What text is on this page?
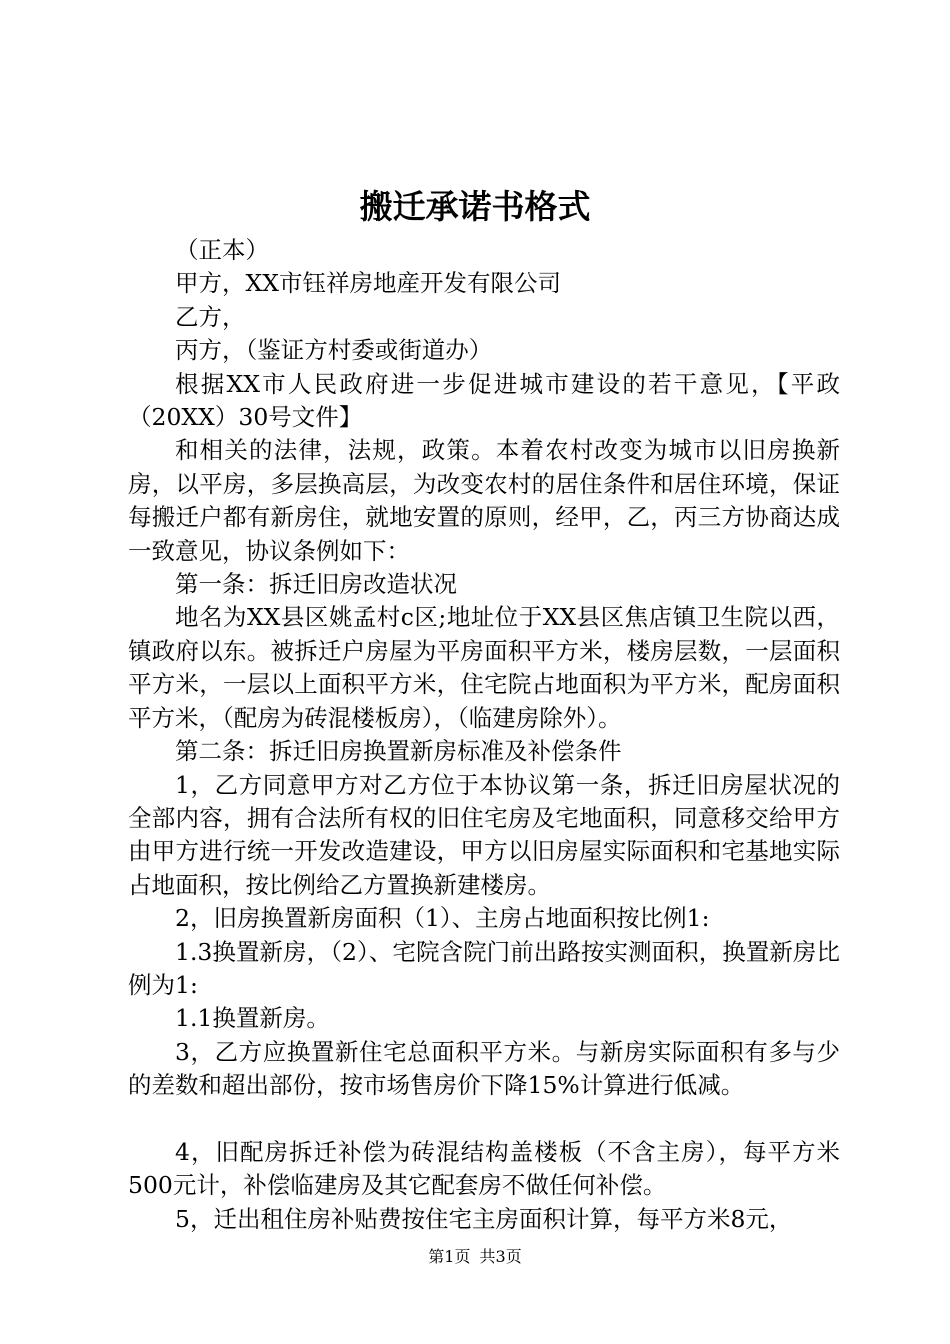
搬迁承诺书格式

（正本）

甲方，XX市钰祥房地産开发有限公司

乙方，

丙方，（鉴证方村委或街道办）

根据XX市人民政府进一步促进城市建设的若干意见，【平政（20XX）30号文件】

和相关的法律，法规，政策。本着农村改变为城市以旧房换新房，以平房，多层换高层，为改变农村的居住条件和居住环境，保证每搬迁户都有新房住，就地安置的原则，经甲，乙，丙三方协商达成一致意见，协议条例如下：

第一条：拆迁旧房改造状况

地名为XX县区姚孟村c区;地址位于XX县区焦店镇卫生院以西，镇政府以东。被拆迁户房屋为平房面积平方米，楼房层数，一层面积平方米，一层以上面积平方米，住宅院占地面积为平方米，配房面积平方米，（配房为砖混楼板房），（临建房除外）。

第二条：拆迁旧房换置新房标准及补偿条件

1，乙方同意甲方对乙方位于本协议第一条，拆迁旧房屋状况的全部内容，拥有合法所有权的旧住宅房及宅地面积，同意移交给甲方由甲方进行统一开发改造建设，甲方以旧房屋实际面积和宅基地实际占地面积，按比例给乙方置换新建楼房。

2，旧房换置新房面积（1）、主房占地面积按比例1:

1.3换置新房，（2）、宅院含院门前出路按实测面积，换置新房比例为1:

1.1换置新房。

3，乙方应换置新住宅总面积平方米。与新房实际面积有多与少的差数和超出部份，按市场售房价下降15%计算进行低减。

4，旧配房拆迁补偿为砖混结构盖楼板（不含主房），每平方米500元计，补偿临建房及其它配套房不做任何补偿。

5，迁出租住房补贴费按住宅主房面积计算，每平方米8元，

第1页 共3页
